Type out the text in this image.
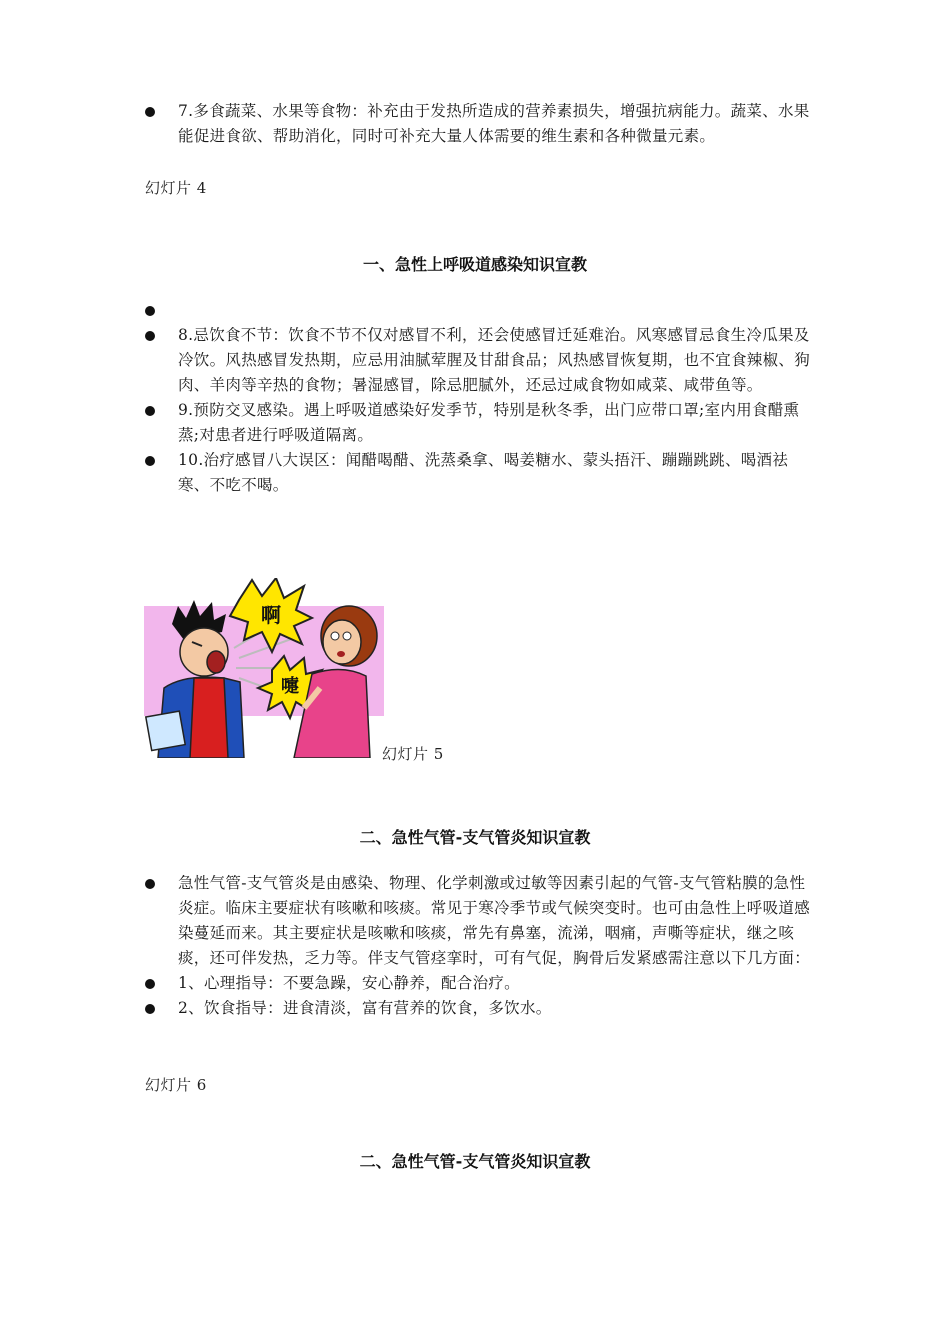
7.多食蔬菜、水果等食物：补充由于发热所造成的营养素损失，增强抗病能力。蔬菜、水果能促进食欲、帮助消化，同时可补充大量人体需要的维生素和各种微量元素。
幻灯片 4
一、急性上呼吸道感染知识宣教
8.忌饮食不节：饮食不节不仅对感冒不利，还会使感冒迁延难治。风寒感冒忌食生冷瓜果及冷饮。风热感冒发热期，应忌用油腻荤腥及甘甜食品；风热感冒恢复期，也不宜食辣椒、狗肉、羊肉等辛热的食物；暑湿感冒，除忌肥腻外，还忌过咸食物如咸菜、咸带鱼等。
9.预防交叉感染。遇上呼吸道感染好发季节，特别是秋冬季，出门应带口罩;室内用食醋熏蒸;对患者进行呼吸道隔离。
10.治疗感冒八大误区：闻醋喝醋、洗蒸桑拿、喝姜糖水、蒙头捂汗、蹦蹦跳跳、喝酒祛寒、不吃不喝。
啊
嚏
幻灯片 5
二、急性气管-支气管炎知识宣教
急性气管-支气管炎是由感染、物理、化学刺激或过敏等因素引起的气管-支气管粘膜的急性炎症。临床主要症状有咳嗽和咳痰。常见于寒冷季节或气候突变时。也可由急性上呼吸道感染蔓延而来。其主要症状是咳嗽和咳痰，常先有鼻塞，流涕，咽痛，声嘶等症状，继之咳痰，还可伴发热，乏力等。伴支气管痉挛时，可有气促，胸骨后发紧感需注意以下几方面：
1、心理指导：不要急躁，安心静养，配合治疗。
2、饮食指导：进食清淡，富有营养的饮食，多饮水。
幻灯片 6
二、急性气管-支气管炎知识宣教
